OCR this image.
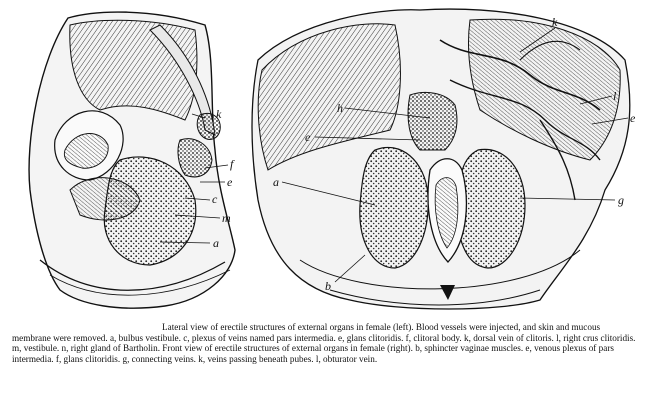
k
f
e
c
m
a
k
l
e
h
e
a
g
b

Lateral view of erectile structures of external organs in female (left). Blood vessels were injected, and skin and mucous membrane were removed. a, bulbus vestibule. c, plexus of veins named pars intermedia. e, glans clitoridis. f, clitoral body. k, dorsal vein of clitoris. l, right crus clitoridis. m, vestibule. n, right gland of Bartholin. Front view of erectile structures of external organs in female (right). b, sphincter vaginae muscles. e, venous plexus of pars intermedia. f, glans clitoridis. g, connecting veins. k, veins passing beneath pubes. l, obturator vein.
